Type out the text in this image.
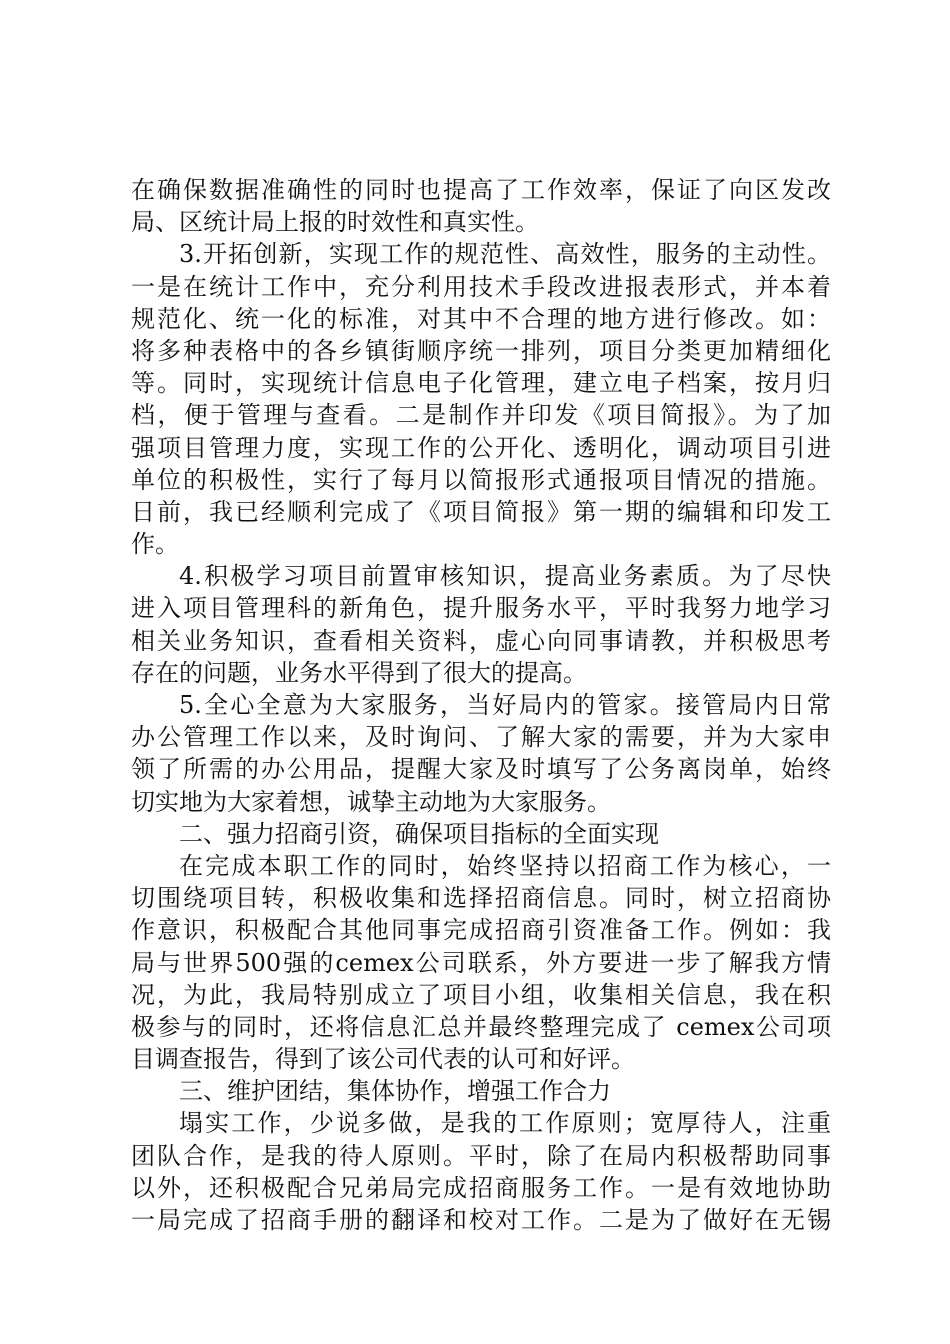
在确保数据准确性的同时也提高了工作效率，保证了向区发改
局、区统计局上报的时效性和真实性。
3.开拓创新，实现工作的规范性、高效性，服务的主动性。
一是在统计工作中，充分利用技术手段改进报表形式，并本着
规范化、统一化的标准，对其中不合理的地方进行修改。如：
将多种表格中的各乡镇街顺序统一排列，项目分类更加精细化
等。同时，实现统计信息电子化管理，建立电子档案，按月归
档，便于管理与查看。二是制作并印发《项目简报》。为了加
强项目管理力度，实现工作的公开化、透明化，调动项目引进
单位的积极性，实行了每月以简报形式通报项目情况的措施。
日前，我已经顺利完成了《项目简报》第一期的编辑和印发工
作。
4.积极学习项目前置审核知识，提高业务素质。为了尽快
进入项目管理科的新角色，提升服务水平，平时我努力地学习
相关业务知识，查看相关资料，虚心向同事请教，并积极思考
存在的问题，业务水平得到了很大的提高。
5.全心全意为大家服务，当好局内的管家。接管局内日常
办公管理工作以来，及时询问、了解大家的需要，并为大家申
领了所需的办公用品，提醒大家及时填写了公务离岗单，始终
切实地为大家着想，诚挚主动地为大家服务。
二、强力招商引资，确保项目指标的全面实现
在完成本职工作的同时，始终坚持以招商工作为核心，一
切围绕项目转，积极收集和选择招商信息。同时，树立招商协
作意识，积极配合其他同事完成招商引资准备工作。例如：我
局与世界500强的cemex公司联系，外方要进一步了解我方情
况，为此，我局特别成立了项目小组，收集相关信息，我在积
极参与的同时，还将信息汇总并最终整理完成了 cemex公司项
目调查报告，得到了该公司代表的认可和好评。
三、维护团结，集体协作，增强工作合力
塌实工作，少说多做，是我的工作原则；宽厚待人，注重
团队合作，是我的待人原则。平时，除了在局内积极帮助同事
以外，还积极配合兄弟局完成招商服务工作。一是有效地协助
一局完成了招商手册的翻译和校对工作。二是为了做好在无锡
